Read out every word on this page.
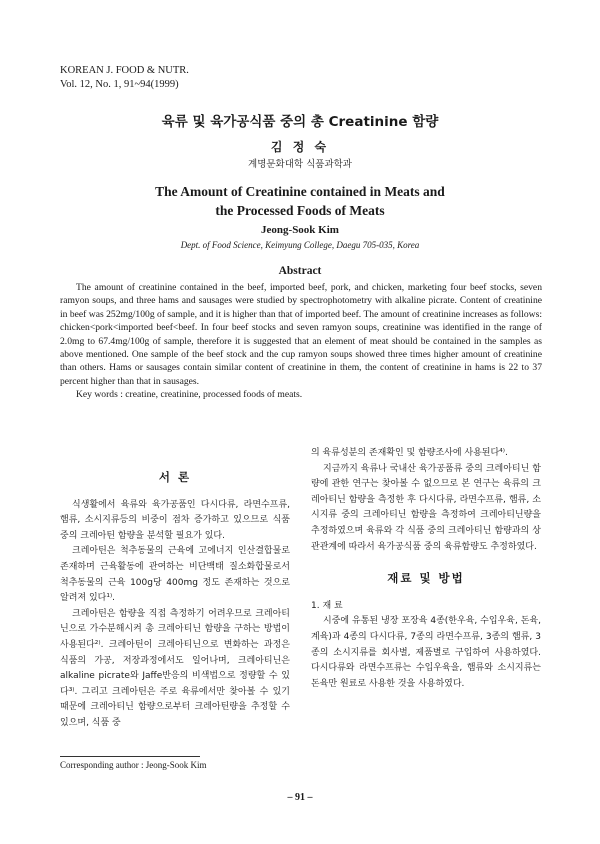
KOREAN J. FOOD & NUTR.
Vol. 12, No. 1, 91~94(1999)
육류 및 육가공식품 중의 총 Creatinine 함량
김 정 숙
계명문화대학 식품과학과
The Amount of Creatinine contained in Meats and
the Processed Foods of Meats
Jeong-Sook Kim
Dept. of Food Science, Keimyung College, Daegu 705-035, Korea
Abstract

The amount of creatinine contained in the beef, imported beef, pork, and chicken, marketing four beef stocks, seven ramyon soups, and three hams and sausages were studied by spectrophotometry with alkaline picrate. Content of creatinine in beef was 252mg/100g of sample, and it is higher than that of imported beef. The amount of creatinine increases as follows: chicken<pork<imported beef<beef. In four beef stocks and seven ramyon soups, creatinine was identified in the range of 2.0mg to 67.4mg/100g of sample, therefore it is suggested that an element of meat should be contained in the samples as above mentioned. One sample of the beef stock and the cup ramyon soups showed three times higher amount of creatinine than others. Hams or sausages contain similar content of creatinine in them, the content of creatinine in hams is 22 to 37 percent higher than that in sausages.

Key words : creatine, creatinine, processed foods of meats.

서 론

식생활에서 육류와 육가공품인 다시다류, 라면수프류, 햄류, 소시지류등의 비중이 점차 증가하고 있으므로 식품 중의 크레아틴 함량을 분석할 필요가 있다.

크레아틴은 척추동물의 근육에 고에너지 인산결합물로 존재하며 근육활동에 관여하는 비단백태 질소화합물로서 척추동물의 근육 100g당 400mg 정도 존재하는 것으로 알려져 있다¹⁾.

크레아틴은 함량을 직접 측정하기 어려우므로 크레아티닌으로 가수분해시켜 총 크레아티닌 함량을 구하는 방법이 사용된다²⁾. 크레아틴이 크레아티닌으로 변화하는 과정은 식품의 가공, 저장과정에서도 일어나며, 크레아티닌은 alkaline picrate와 Jaffe반응의 비색법으로 정량할 수 있다³⁾. 그리고 크레아틴은 주로 육류에서만 찾아볼 수 있기 때문에 크레아티닌 함량으로부터 크레아틴량을 추정할 수 있으며, 식품 중

의 육류성분의 존재확인 및 함량조사에 사용된다⁴⁾.

지금까지 육류나 국내산 육가공품류 중의 크레아티닌 함량에 관한 연구는 찾아볼 수 없으므로 본 연구는 육류의 크레아티닌 함량을 측정한 후 다시다류, 라면수프류, 햄류, 소시지류 중의 크레아티닌 함량을 측정하여 크레아티닌량을 추정하였으며 육류와 각 식품 중의 크레아티닌 함량과의 상관관계에 따라서 육가공식품 중의 육류함량도 추정하였다.

재료 및 방법
1. 재 료

시중에 유통된 냉장 포장육 4종(한우육, 수입우육, 돈육, 계육)과 4종의 다시다류, 7종의 라면수프류, 3종의 햄류, 3종의 소시지류를 회사별, 제품별로 구입하여 사용하였다. 다시다류와 라면수프류는 수입우육을, 햄류와 소시지류는 돈육만 원료로 사용한 것을 사용하였다.

Corresponding author : Jeong-Sook Kim
– 91 –
